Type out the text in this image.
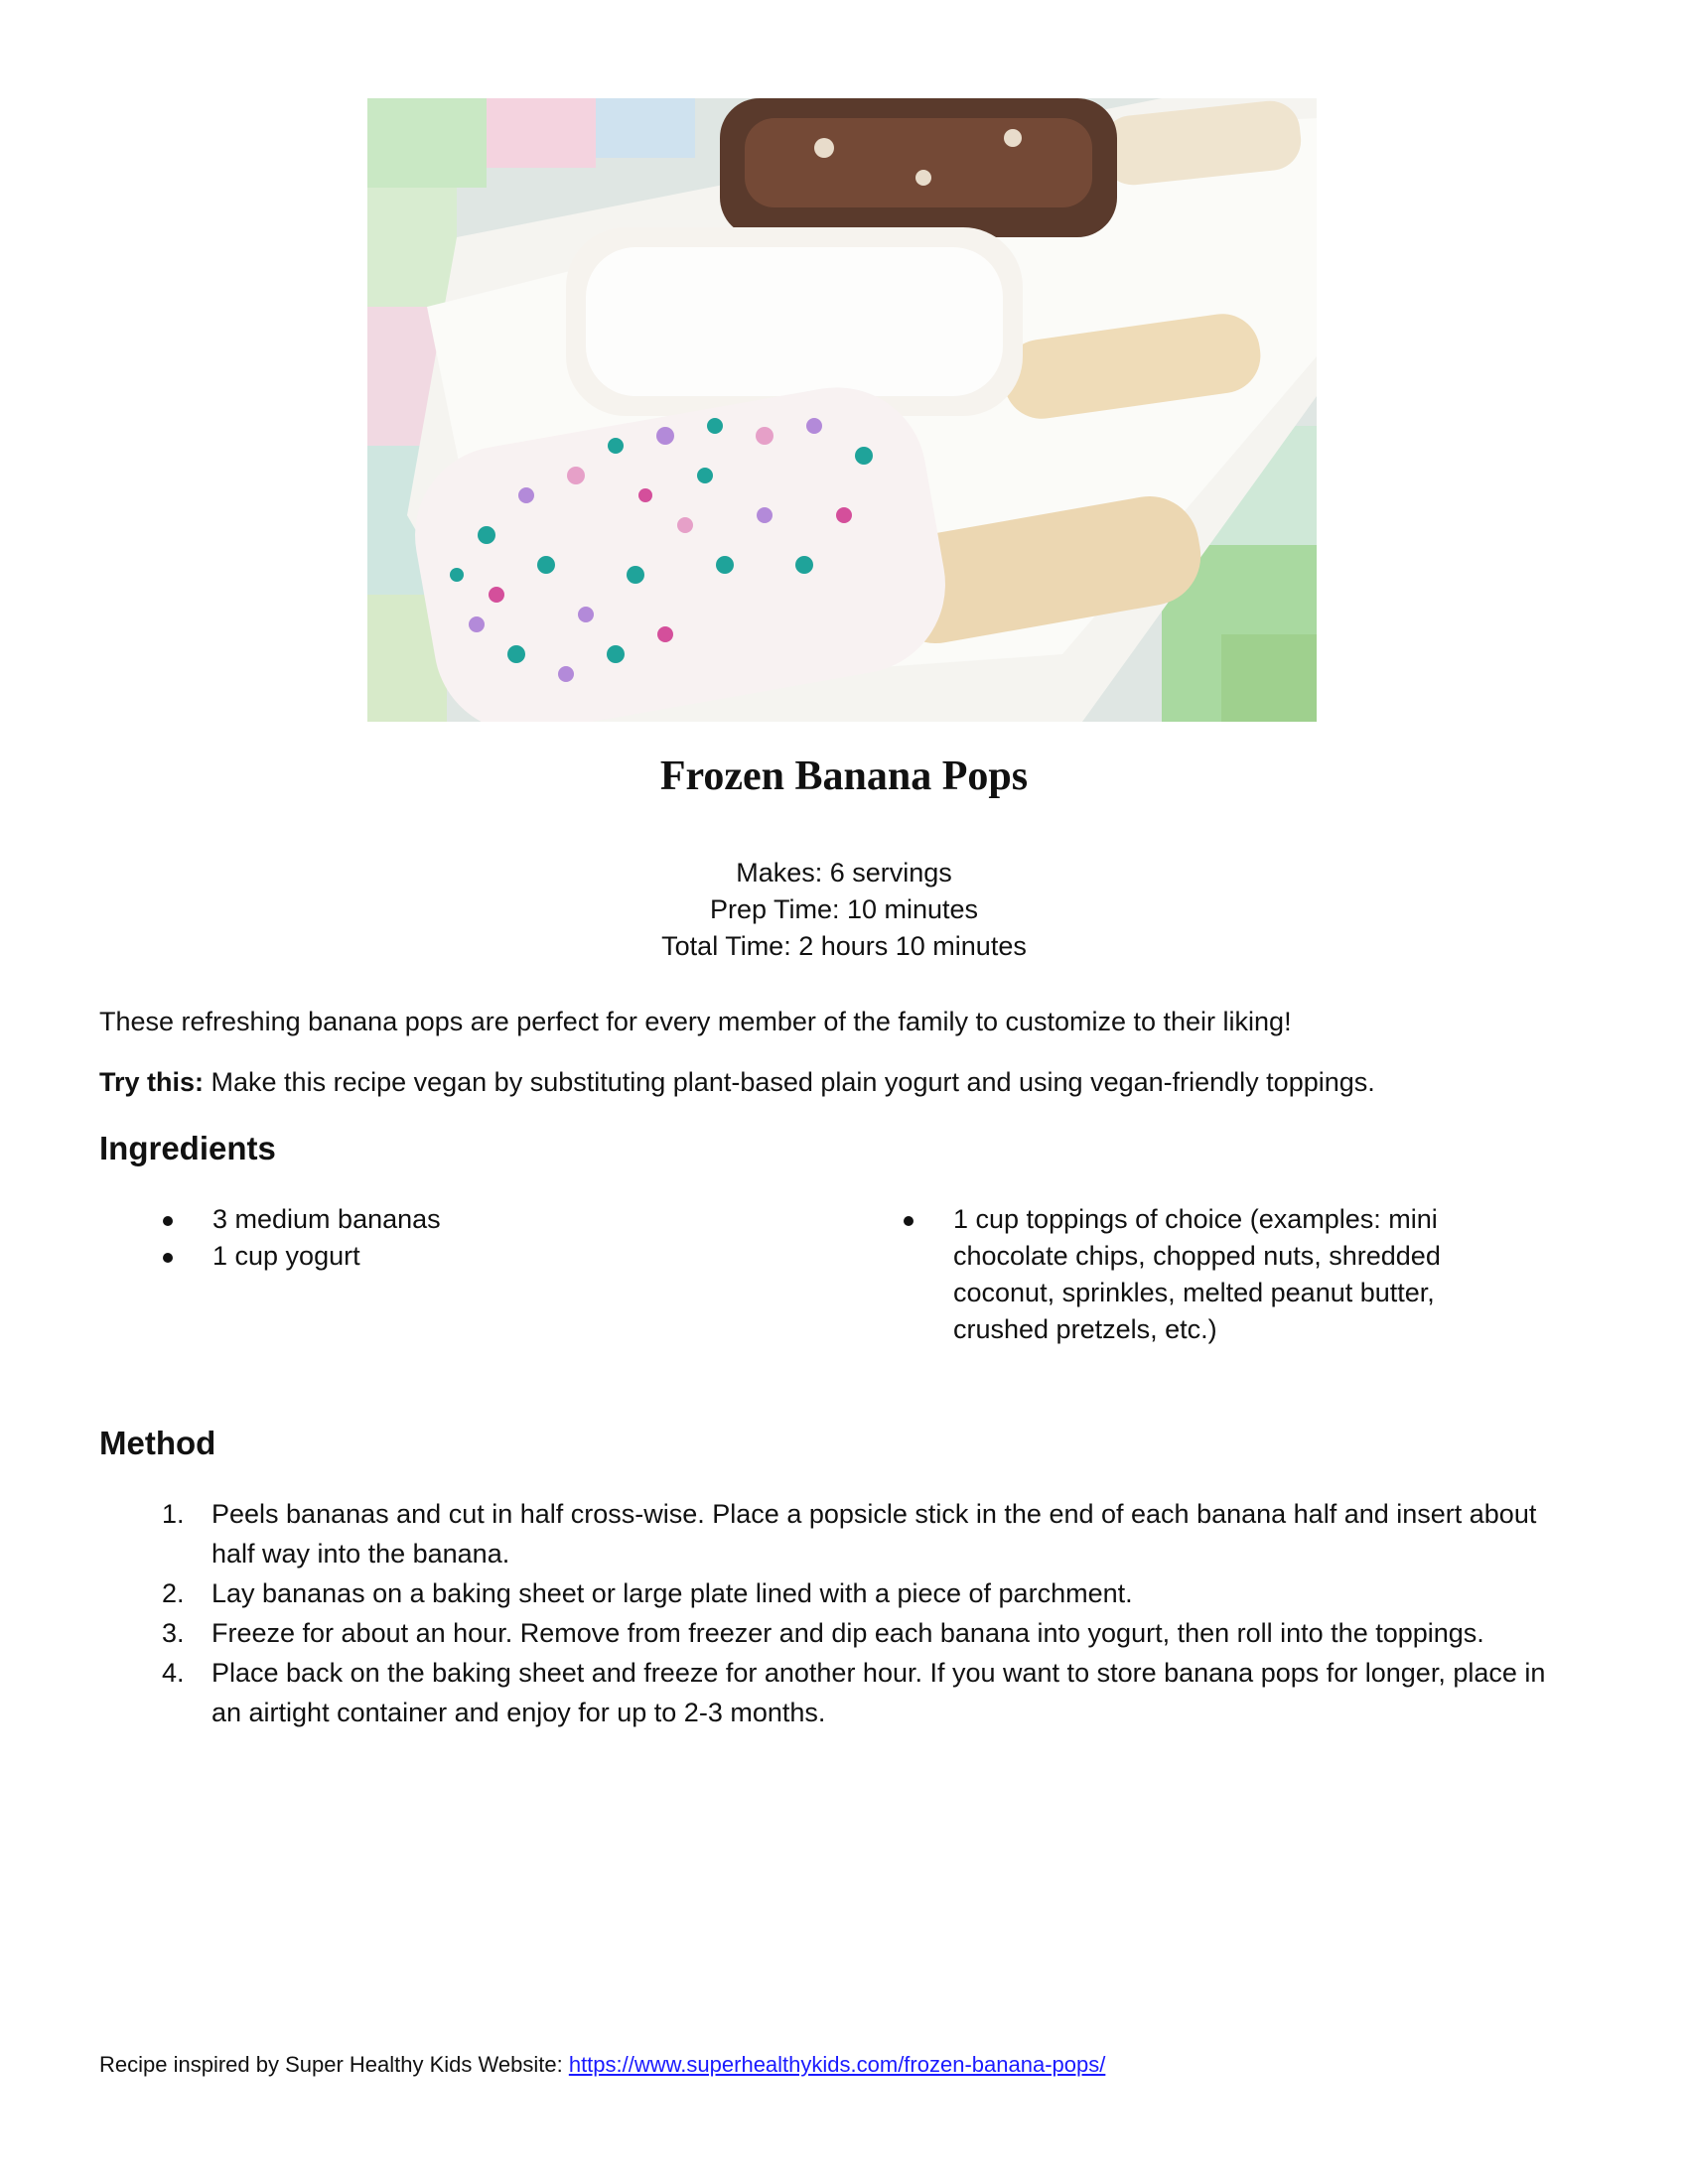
Frozen Banana Pops
Makes: 6 servings
Prep Time: 10 minutes
Total Time: 2 hours 10 minutes
These refreshing banana pops are perfect for every member of the family to customize to their liking!
Try this: Make this recipe vegan by substituting plant-based plain yogurt and using vegan-friendly toppings.
Ingredients
3 medium bananas
1 cup yogurt
1 cup toppings of choice (examples: mini chocolate chips, chopped nuts, shredded coconut, sprinkles, melted peanut butter, crushed pretzels, etc.)
Method
1. Peels bananas and cut in half cross-wise. Place a popsicle stick in the end of each banana half and insert about half way into the banana.
2. Lay bananas on a baking sheet or large plate lined with a piece of parchment.
3. Freeze for about an hour. Remove from freezer and dip each banana into yogurt, then roll into the toppings.
4. Place back on the baking sheet and freeze for another hour. If you want to store banana pops for longer, place in an airtight container and enjoy for up to 2-3 months.
Recipe inspired by Super Healthy Kids Website: https://www.superhealthykids.com/frozen-banana-pops/
